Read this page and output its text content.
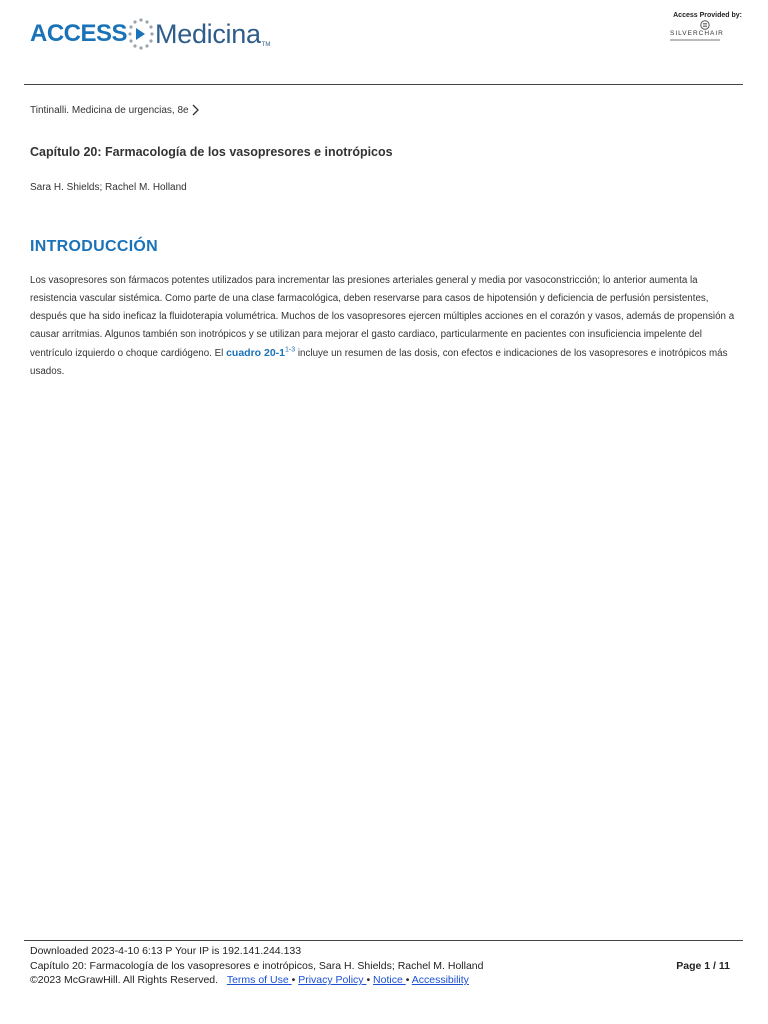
ACCESS Medicina TM
Access Provided by:
SILVERCHAIR
Tintinalli. Medicina de urgencias, 8e
Capítulo 20: Farmacología de los vasopresores e inotrópicos
Sara H. Shields; Rachel M. Holland
INTRODUCCIÓN

Los vasopresores son fármacos potentes utilizados para incrementar las presiones arteriales general y media por vasoconstricción; lo anterior aumenta la resistencia vascular sistémica. Como parte de una clase farmacológica, deben reservarse para casos de hipotensión y deficiencia de perfusión persistentes, después que ha sido ineficaz la fluidoterapia volumétrica. Muchos de los vasopresores ejercen múltiples acciones en el corazón y vasos, además de propensión a causar arritmias. Algunos también son inotrópicos y se utilizan para mejorar el gasto cardiaco, particularmente en pacientes con insuficiencia impelente del ventrículo izquierdo o choque cardiógeno. El cuadro 20-1$^{1-3}$ incluye un resumen de las dosis, con efectos e indicaciones de los vasopresores e inotrópicos más usados.

Downloaded 2023-4-10 6:13 P Your IP is 192.141.244.133
Capítulo 20: Farmacología de los vasopresores e inotrópicos, Sara H. Shields; Rachel M. Holland
©2023 McGrawHill. All Rights Reserved. Terms of Use • Privacy Policy • Notice • Accessibility
Page 1 / 11
